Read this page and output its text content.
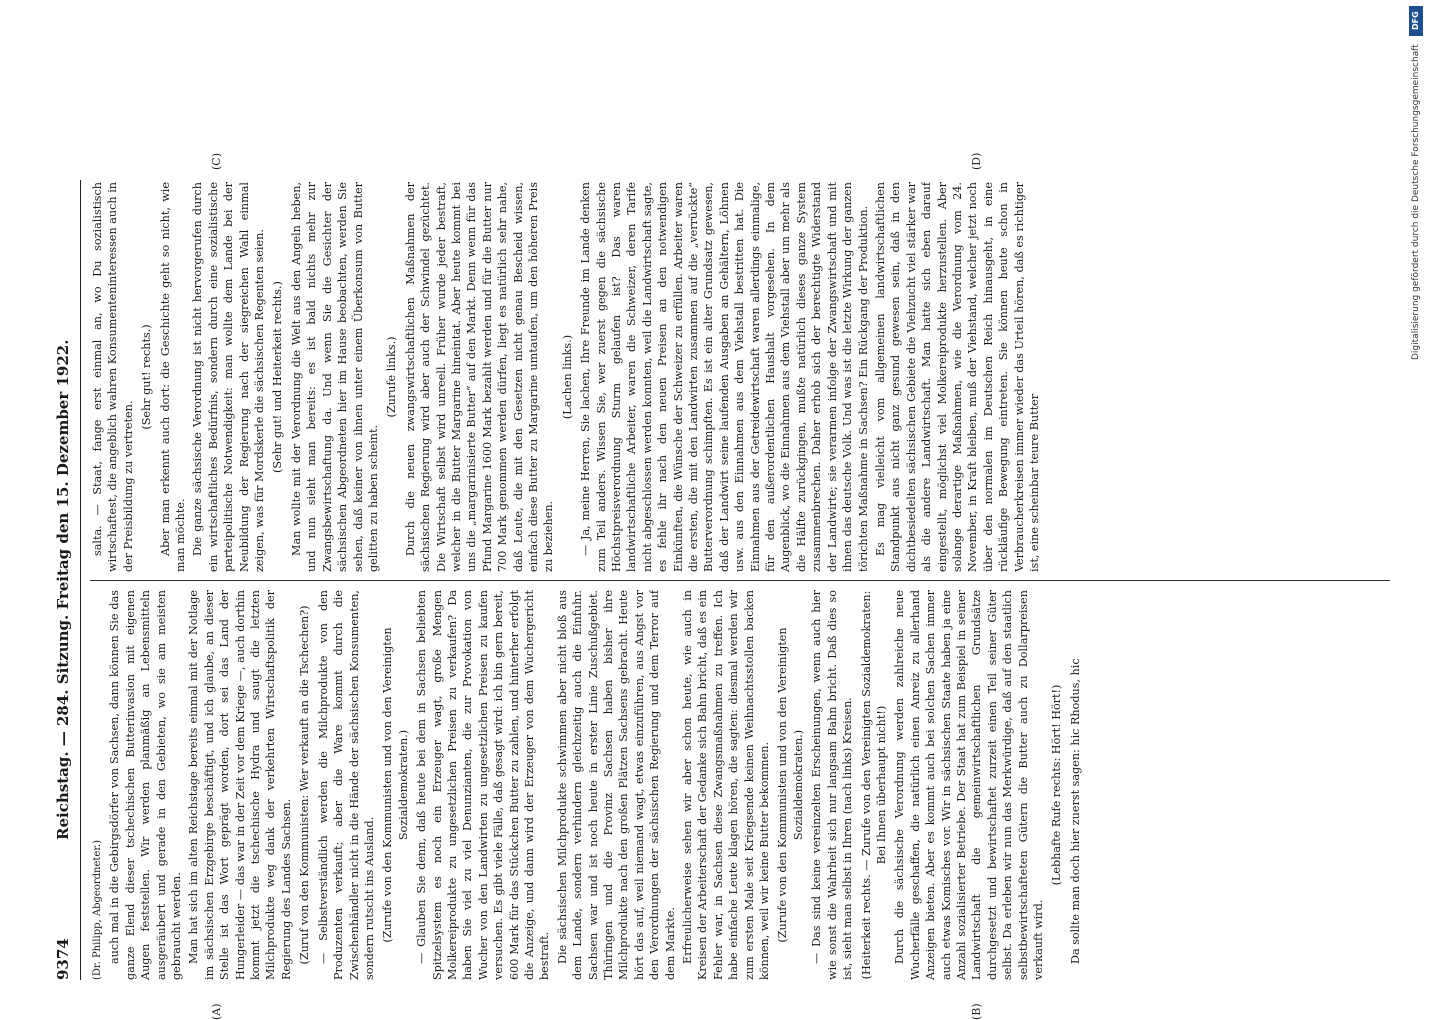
9374
Reichstag. — 284. Sitzung. Freitag den 15. Dezember 1922.

(Dr. Philipp, Abgeordneter.) auch mal in die Gebirgsdörfer von Sachsen, dann können Sie das ganze Elend dieser tschechischen Butterinvasion mit eigenen Augen feststellen. Wir werden planmäßig an Lebensmitteln ausgeräubert und gerade in den Gebieten, wo sie am meisten gebraucht werden. Man hat sich im alten Reichstage bereits einmal mit der Notlage im sächsischen Erzgebirge beschäftigt, und ich glaube, an dieser Stelle ist das Wort geprägt worden, dort sei das Land der Hungerleider — das war in der Zeit vor dem Kriege —, auch dorthin kommt jetzt die tschechische Hydra und saugt die letzten Milchprodukte weg dank der verkehrten Wirtschaftspolitik der Regierung des Landes Sachsen. (Zuruf von den Kommunisten: Wer verkauft an die Tschechen?) — Selbstverständlich werden die Milchprodukte von den Produzenten verkauft; aber die Ware kommt durch die Zwischenhändler nicht in die Hände der sächsischen Konsumenten, sondern rutscht ins Ausland. (Zurufe von den Kommunisten und von den Vereinigten Sozialdemokraten.) — Glauben Sie denn, daß heute bei dem in Sachsen beliebten Spitzelsystem es noch ein Erzeuger wagt, große Mengen Molkereiprodukte zu ungesetzlichen Preisen zu verkaufen? Da haben Sie viel zu viel Denunzianten, die zur Provokation von Wucher von den Landwirten zu ungesetzlichen Preisen zu kaufen versuchen. Es gibt viele Fälle, daß gesagt wird: ich bin gern bereit, 600 Mark für das Stückchen Butter zu zahlen, und hinterher erfolgt die Anzeige, und dann wird der Erzeuger von dem Wuchergericht bestraft. Die sächsischen Milchprodukte schwimmen aber nicht bloß aus dem Lande, sondern verhindern gleichzeitig auch die Einfuhr. Sachsen war und ist noch heute in erster Linie Zuschußgebiet. Thüringen und die Provinz Sachsen haben bisher ihre Milchprodukte nach den großen Plätzen Sachsens gebracht. Heute hört das auf, weil niemand wagt, etwas einzuführen, aus Angst vor den Verordnungen der sächsischen Regierung und dem Terror auf dem Markte. Erfreulicherweise sehen wir aber schon heute, wie auch in Kreisen der Arbeiterschaft der Gedanke sich Bahn bricht, daß es ein Fehler war, in Sachsen diese Zwangsmaßnahmen zu treffen. Ich habe einfache Leute klagen hören, die sagten: diesmal werden wir zum ersten Male seit Kriegsende keinen Weihnachtsstollen backen können, weil wir keine Butter bekommen. (Zurufe von den Kommunisten und von den Vereinigten Sozialdemokraten.) — Das sind keine vereinzelten Erscheinungen, wenn auch hier wie sonst die Wahrheit sich nur langsam Bahn bricht. Daß dies so ist, sieht man selbst in Ihren (nach links) Kreisen. (Heiterkeit rechts. — Zurufe von den Vereinigten Sozialdemokraten: Bei Ihnen überhaupt nicht!) Durch die sächsische Verordnung werden zahlreiche neue Wucherfälle geschaffen, die natürlich einen Anreiz zu allerhand Anzeigen bieten. Aber es kommt auch bei solchen Sachen immer auch etwas Komisches vor. Wir in sächsischen Staate haben ja eine Anzahl sozialisierter Betriebe. Der Staat hat zum Beispiel in seiner Landwirtschaft die gemeinwirtschaftlichen Grundsätze durchgesetzt und bewirtschaftet zurzeit einen Teil seiner Güter selbst. Da erleben wir nun das Merkwürdige, daß auf den staatlich selbstbewirtschafteten Gütern die Butter auch zu Dollarpreisen verkauft wird.

(Lebhafte Rufe rechts: Hört! Hört!) Da sollte man doch hier zuerst sagen: hic Rhodus, hic

salta. — Staat, fange erst einmal an, wo Du sozialistisch wirtschaftest, die angeblich wahren Konsumenteninteressen auch in der Preisbildung zu vertreten.

(Sehr gut! rechts.) Aber man erkennt auch dort: die Geschichte geht so nicht, wie man möchte. Die ganze sächsische Verordnung ist nicht hervorgerufen durch ein wirtschaftliches Bedürfnis, sondern durch eine sozialistische parteipolitische Notwendigkeit: man wollte dem Lande bei der Neubildung der Regierung nach der siegreichen Wahl einmal zeigen, was für Mordskerle die sächsischen Regenten seien. (Sehr gut! und Heiterkeit rechts.) Man wollte mit der Verordnung die Welt aus den Angeln heben, und nun sieht man bereits: es ist bald nichts mehr zur Zwangsbewirtschaftung da. Und wenn Sie die Gesichter der sächsischen Abgeordneten hier im Hause beobachten, werden Sie sehen, daß keiner von ihnen unter einem Überkonsum von Butter gelitten zu haben scheint.

(Zurufe links.) Durch die neuen zwangswirtschaftlichen Maßnahmen der sächsischen Regierung wird aber auch der Schwindel gezüchtet. Die Wirtschaft selbst wird unreell. Früher wurde jeder bestraft, welcher in die Butter Margarine hineintat. Aber heute kommt bei uns die „margarinisierte Butter“ auf den Markt. Denn wenn für das Pfund Margarine 1600 Mark bezahlt werden und für die Butter nur 700 Mark genommen werden dürfen, liegt es natürlich sehr nahe, daß Leute, die mit den Gesetzen nicht genau Bescheid wissen, einfach diese Butter zu Margarine umtaufen, um den höheren Preis zu beziehen.

(Lachen links.) — Ja, meine Herren, Sie lachen, Ihre Freunde im Lande denken zum Teil anders. Wissen Sie, wer zuerst gegen die sächsische Höchstpreisverordnung Sturm gelaufen ist? Das waren landwirtschaftliche Arbeiter, waren die Schweizer, deren Tarife nicht abgeschlossen werden konnten, weil die Landwirtschaft sagte, es fehle ihr nach den neuen Preisen an den notwendigen Einkünften, die Wünsche der Schweizer zu erfüllen. Arbeiter waren die ersten, die mit den Landwirten zusammen auf die „verrückte“ Butterverordnung schimpften. Es ist ein alter Grundsatz gewesen, daß der Landwirt seine laufenden Ausgaben an Gehältern, Löhnen usw. aus den Einnahmen aus dem Viehstall bestritten hat. Die Einnahmen aus der Getreidewirtschaft waren allerdings einmalige, für den außerordentlichen Haushalt vorgesehen. In dem Augenblick, wo die Einnahmen aus dem Viehstall aber um mehr als die Hälfte zurückgingen, mußte natürlich dieses ganze System zusammenbrechen. Daher erhob sich der berechtigte Widerstand der Landwirte; sie verarmen infolge der Zwangswirtschaft und mit ihnen das deutsche Volk. Und was ist die letzte Wirkung der ganzen törichten Maßnahme in Sachsen? Ein Rückgang der Produktion. Es mag vielleicht vom allgemeinen landwirtschaftlichen Standpunkt aus nicht ganz gesund gewesen sein, daß in den dichtbesiedelten sächsischen Gebiete die Viehzucht viel stärker war als die andere Landwirtschaft. Man hatte sich eben darauf eingestellt, möglichst viel Molkereiprodukte herzustellen. Aber solange derartige Maßnahmen, wie die Verordnung vom 24. November, in Kraft bleiben, muß der Viehstand, welcher jetzt noch über den normalen im Deutschen Reich hinausgeht, in eine rückläufige Bewegung eintreten. Sie können heute schon in Verbraucherkreisen immer wieder das Urteil hören, daß es richtiger ist, eine scheinbar teure Butter

(A)	(B)
(C)	(D)
DFG
Digitalisierung gefördert durch die Deutsche Forschungsgemeinschaft
